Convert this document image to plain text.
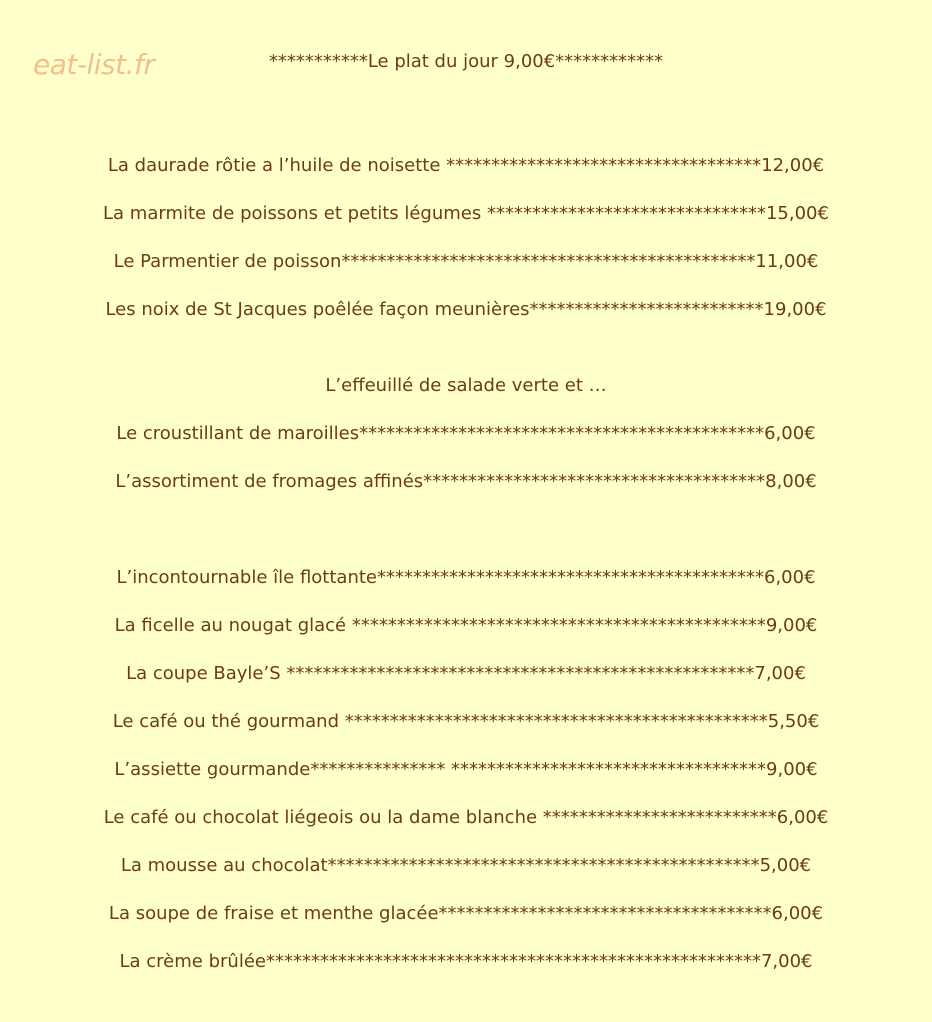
eat-list.fr	***********Le plat du jour 9,00€************
La daurade rôtie a l’huile de noisette ***********************************12,00€
La marmite de poissons et petits légumes *******************************15,00€
Le Parmentier de poisson**********************************************11,00€
Les noix de St Jacques poêlée façon meunières**************************19,00€
L’effeuillé de salade verte et …
Le croustillant de maroilles*********************************************6,00€
L’assortiment de fromages affinés**************************************8,00€
L’incontournable île flottante*******************************************6,00€
La ficelle au nougat glacé **********************************************9,00€
La coupe Bayle’S ****************************************************7,00€
Le café ou thé gourmand ***********************************************5,50€
L’assiette gourmande*************** ***********************************9,00€
Le café ou chocolat liégeois ou la dame blanche **************************6,00€
La mousse au chocolat************************************************5,00€
La soupe de fraise et menthe glacée*************************************6,00€
La crème brûlée*******************************************************7,00€
